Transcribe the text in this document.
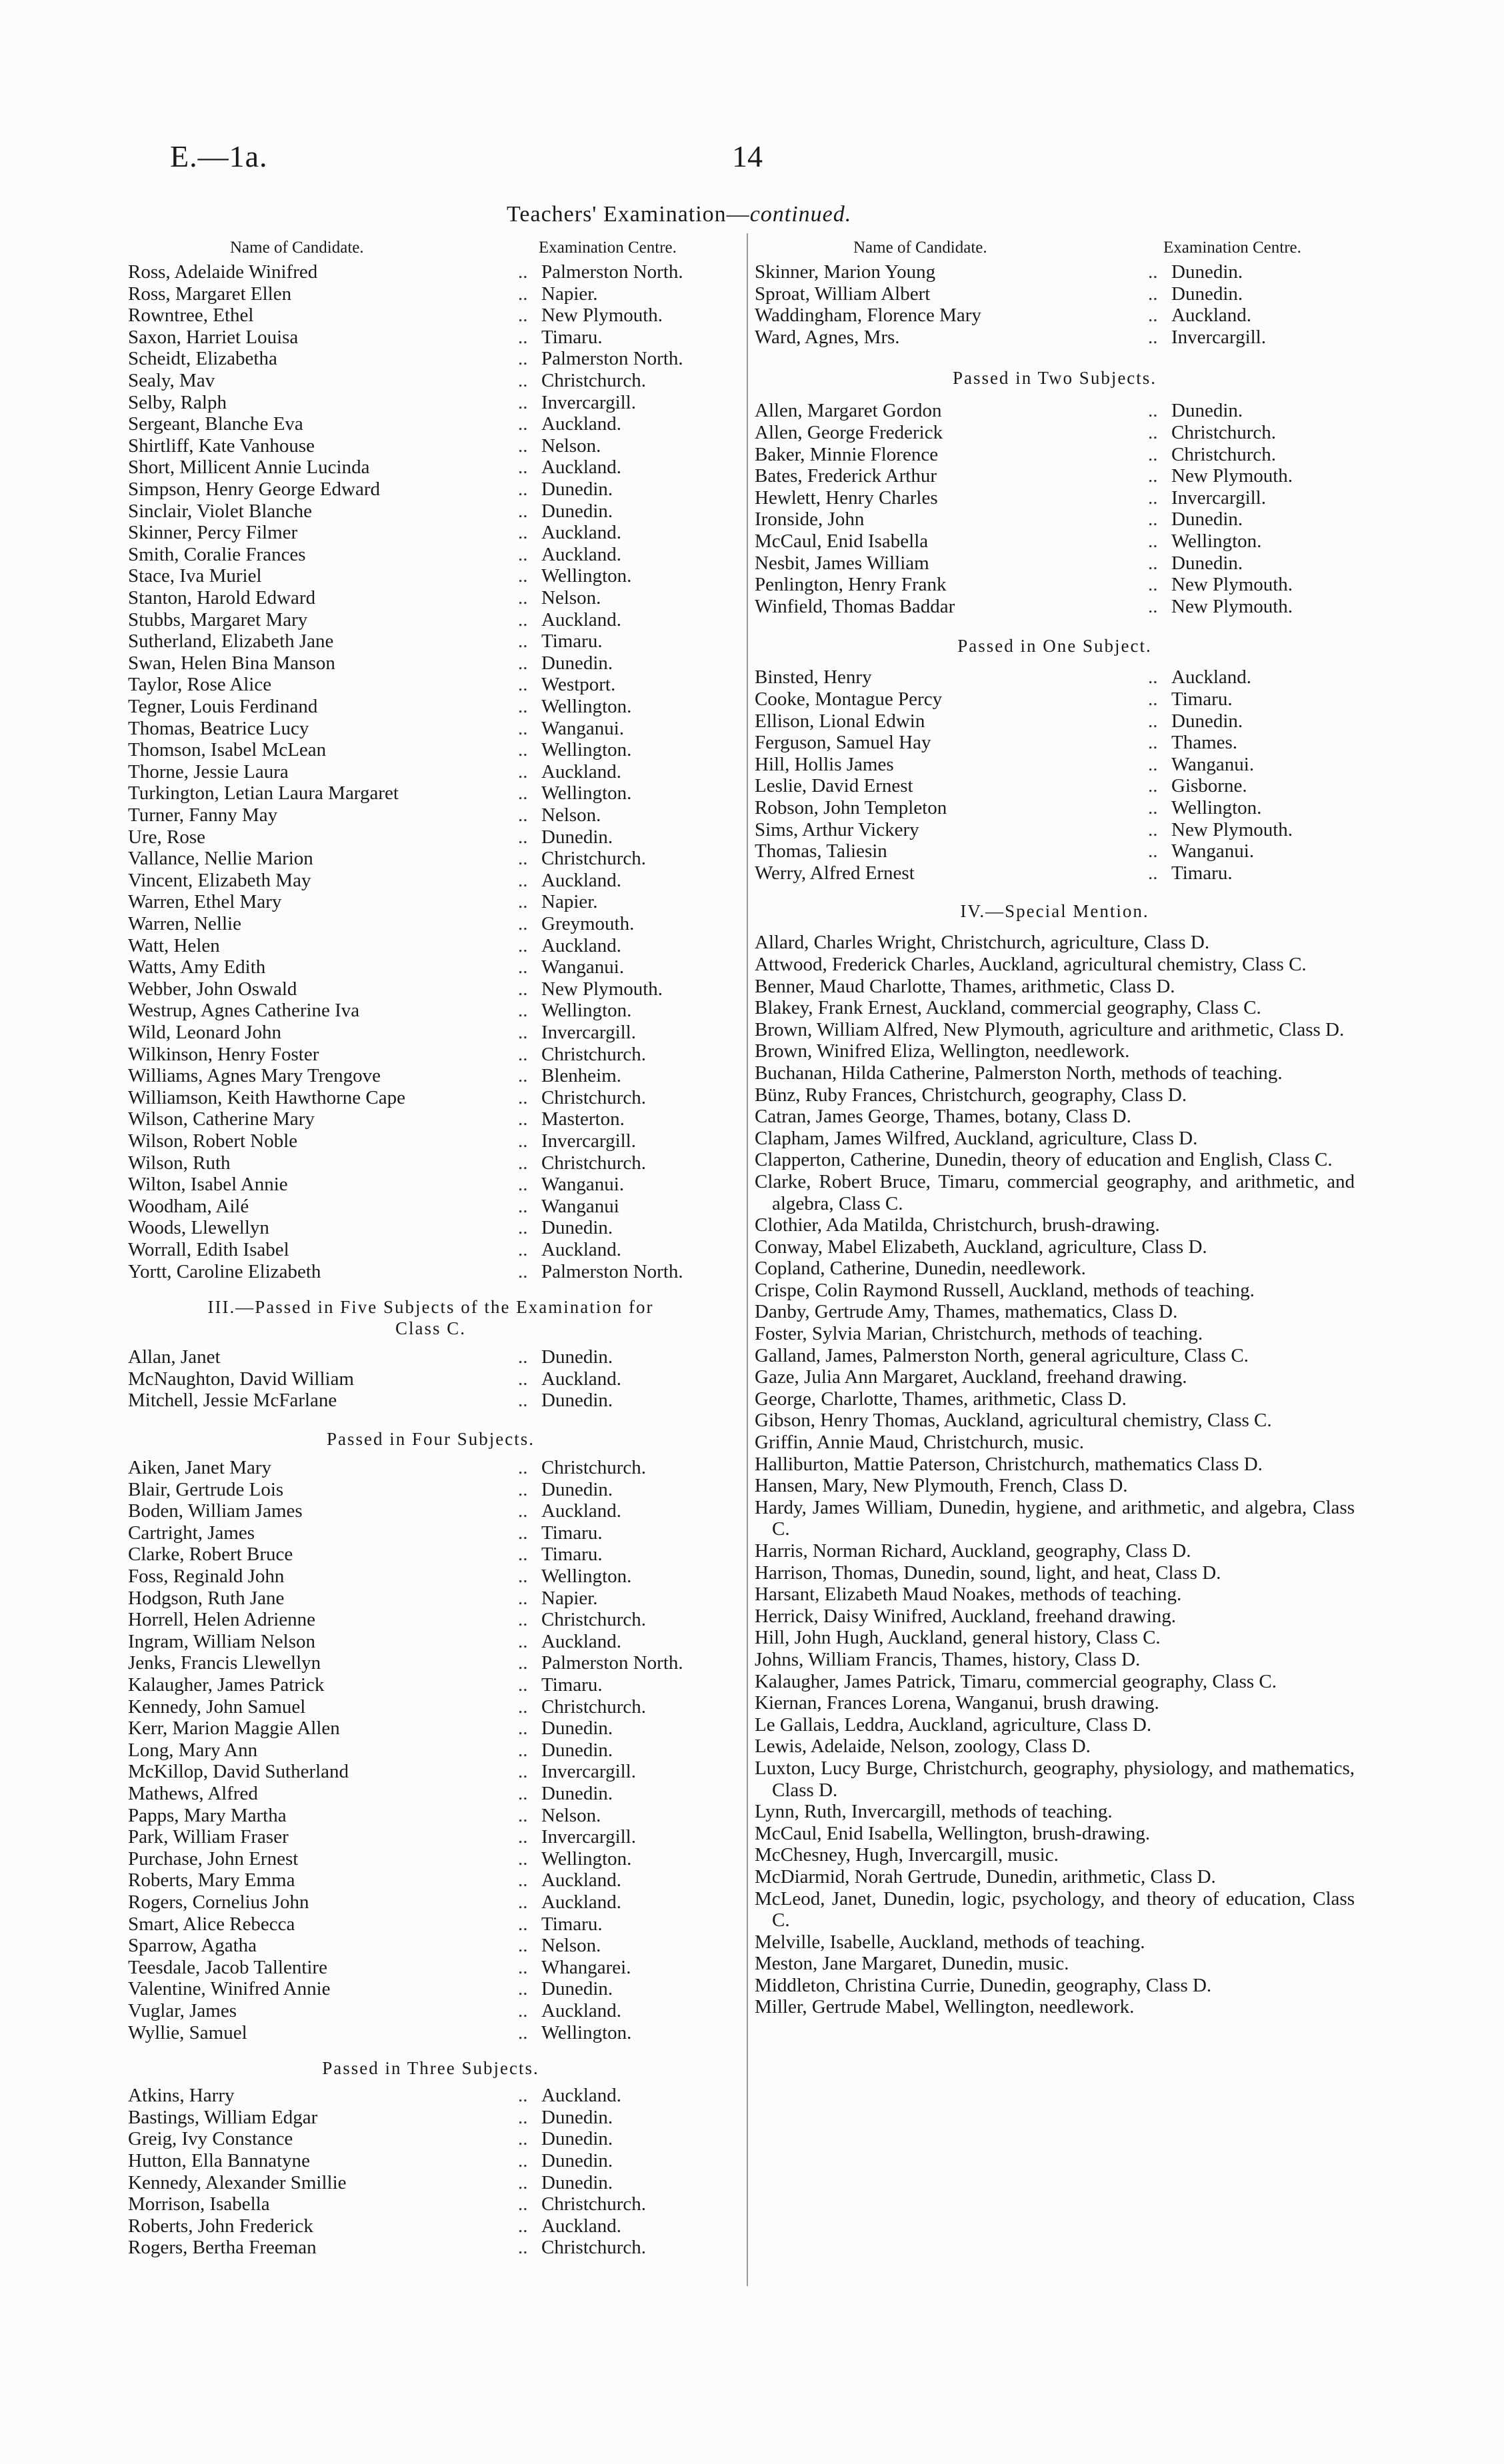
E.—1a.	14
Teachers' Examination—continued.
Name of Candidate.	Examination Centre.	Name of Candidate.	Examination Centre.
Ross, Adelaide Winifred	.. Palmerston North.
Ross, Margaret Ellen	.. Napier.
Rowntree, Ethel	.. New Plymouth.
Saxon, Harriet Louisa	.. Timaru.
Scheidt, Elizabetha	.. Palmerston North.
Sealy, Mav	.. Christchurch.
Selby, Ralph	.. Invercargill.
Sergeant, Blanche Eva	.. Auckland.
Shirtliff, Kate Vanhouse	.. Nelson.
Short, Millicent Annie Lucinda	.. Auckland.
Simpson, Henry George Edward	.. Dunedin.
Sinclair, Violet Blanche	.. Dunedin.
Skinner, Percy Filmer	.. Auckland.
Smith, Coralie Frances	.. Auckland.
Stace, Iva Muriel	.. Wellington.
Stanton, Harold Edward	.. Nelson.
Stubbs, Margaret Mary	.. Auckland.
Sutherland, Elizabeth Jane	.. Timaru.
Swan, Helen Bina Manson	.. Dunedin.
Taylor, Rose Alice	.. Westport.
Tegner, Louis Ferdinand	.. Wellington.
Thomas, Beatrice Lucy	.. Wanganui.
Thomson, Isabel McLean	.. Wellington.
Thorne, Jessie Laura	.. Auckland.
Turkington, Letian Laura Margaret	.. Wellington.
Turner, Fanny May	.. Nelson.
Ure, Rose	.. Dunedin.
Vallance, Nellie Marion	.. Christchurch.
Vincent, Elizabeth May	.. Auckland.
Warren, Ethel Mary	.. Napier.
Warren, Nellie	.. Greymouth.
Watt, Helen	.. Auckland.
Watts, Amy Edith	.. Wanganui.
Webber, John Oswald	.. New Plymouth.
Westrup, Agnes Catherine Iva	.. Wellington.
Wild, Leonard John	.. Invercargill.
Wilkinson, Henry Foster	.. Christchurch.
Williams, Agnes Mary Trengove	.. Blenheim.
Williamson, Keith Hawthorne Cape	.. Christchurch.
Wilson, Catherine Mary	.. Masterton.
Wilson, Robert Noble	.. Invercargill.
Wilson, Ruth	.. Christchurch.
Wilton, Isabel Annie	.. Wanganui.
Woodham, Ailé	.. Wanganui
Woods, Llewellyn	.. Dunedin.
Worrall, Edith Isabel	.. Auckland.
Yortt, Caroline Elizabeth	.. Palmerston North.
III.—Passed in Five Subjects of the Examination for
Class C.
Allan, Janet	.. Dunedin.
McNaughton, David William	.. Auckland.
Mitchell, Jessie McFarlane	.. Dunedin.
Passed in Four Subjects.
Aiken, Janet Mary	.. Christchurch.
Blair, Gertrude Lois	.. Dunedin.
Boden, William James	.. Auckland.
Cartright, James	.. Timaru.
Clarke, Robert Bruce	.. Timaru.
Foss, Reginald John	.. Wellington.
Hodgson, Ruth Jane	.. Napier.
Horrell, Helen Adrienne	.. Christchurch.
Ingram, William Nelson	.. Auckland.
Jenks, Francis Llewellyn	.. Palmerston North.
Kalaugher, James Patrick	.. Timaru.
Kennedy, John Samuel	.. Christchurch.
Kerr, Marion Maggie Allen	.. Dunedin.
Long, Mary Ann	.. Dunedin.
McKillop, David Sutherland	.. Invercargill.
Mathews, Alfred	.. Dunedin.
Papps, Mary Martha	.. Nelson.
Park, William Fraser	.. Invercargill.
Purchase, John Ernest	.. Wellington.
Roberts, Mary Emma	.. Auckland.
Rogers, Cornelius John	.. Auckland.
Smart, Alice Rebecca	.. Timaru.
Sparrow, Agatha	.. Nelson.
Teesdale, Jacob Tallentire	.. Whangarei.
Valentine, Winifred Annie	.. Dunedin.
Vuglar, James	.. Auckland.
Wyllie, Samuel	.. Wellington.
Passed in Three Subjects.
Atkins, Harry	.. Auckland.
Bastings, William Edgar	.. Dunedin.
Greig, Ivy Constance	.. Dunedin.
Hutton, Ella Bannatyne	.. Dunedin.
Kennedy, Alexander Smillie	.. Dunedin.
Morrison, Isabella	.. Christchurch.
Roberts, John Frederick	.. Auckland.
Rogers, Bertha Freeman	.. Christchurch.
Skinner, Marion Young	.. Dunedin.
Sproat, William Albert	.. Dunedin.
Waddingham, Florence Mary	.. Auckland.
Ward, Agnes, Mrs.	.. Invercargill.
Passed in Two Subjects.
Allen, Margaret Gordon	.. Dunedin.
Allen, George Frederick	.. Christchurch.
Baker, Minnie Florence	.. Christchurch.
Bates, Frederick Arthur	.. New Plymouth.
Hewlett, Henry Charles	.. Invercargill.
Ironside, John	.. Dunedin.
McCaul, Enid Isabella	.. Wellington.
Nesbit, James William	.. Dunedin.
Penlington, Henry Frank	.. New Plymouth.
Winfield, Thomas Baddar	.. New Plymouth.
Passed in One Subject.
Binsted, Henry	.. Auckland.
Cooke, Montague Percy	.. Timaru.
Ellison, Lional Edwin	.. Dunedin.
Ferguson, Samuel Hay	.. Thames.
Hill, Hollis James	.. Wanganui.
Leslie, David Ernest	.. Gisborne.
Robson, John Templeton	.. Wellington.
Sims, Arthur Vickery	.. New Plymouth.
Thomas, Taliesin	.. Wanganui.
Werry, Alfred Ernest	.. Timaru.
IV.—Special Mention.

Allard, Charles Wright, Christchurch, agriculture, Class D.

Attwood, Frederick Charles, Auckland, agricultural chemistry, Class C.

Benner, Maud Charlotte, Thames, arithmetic, Class D.

Blakey, Frank Ernest, Auckland, commercial geography, Class C.

Brown, William Alfred, New Plymouth, agriculture and arithmetic, Class D.

Brown, Winifred Eliza, Wellington, needlework.

Buchanan, Hilda Catherine, Palmerston North, methods of teaching.

Bünz, Ruby Frances, Christchurch, geography, Class D.

Catran, James George, Thames, botany, Class D.

Clapham, James Wilfred, Auckland, agriculture, Class D.

Clapperton, Catherine, Dunedin, theory of education and English, Class C.

Clarke, Robert Bruce, Timaru, commercial geography, and arithmetic, and algebra, Class C.

Clothier, Ada Matilda, Christchurch, brush-drawing.

Conway, Mabel Elizabeth, Auckland, agriculture, Class D.

Copland, Catherine, Dunedin, needlework.

Crispe, Colin Raymond Russell, Auckland, methods of teaching.

Danby, Gertrude Amy, Thames, mathematics, Class D.

Foster, Sylvia Marian, Christchurch, methods of teaching.

Galland, James, Palmerston North, general agriculture, Class C.

Gaze, Julia Ann Margaret, Auckland, freehand drawing.

George, Charlotte, Thames, arithmetic, Class D.

Gibson, Henry Thomas, Auckland, agricultural chemistry, Class C.

Griffin, Annie Maud, Christchurch, music.

Halliburton, Mattie Paterson, Christchurch, mathematics Class D.

Hansen, Mary, New Plymouth, French, Class D.

Hardy, James William, Dunedin, hygiene, and arithmetic, and algebra, Class C.

Harris, Norman Richard, Auckland, geography, Class D.

Harrison, Thomas, Dunedin, sound, light, and heat, Class D.

Harsant, Elizabeth Maud Noakes, methods of teaching.

Herrick, Daisy Winifred, Auckland, freehand drawing.

Hill, John Hugh, Auckland, general history, Class C.

Johns, William Francis, Thames, history, Class D.

Kalaugher, James Patrick, Timaru, commercial geography, Class C.

Kiernan, Frances Lorena, Wanganui, brush drawing.

Le Gallais, Leddra, Auckland, agriculture, Class D.

Lewis, Adelaide, Nelson, zoology, Class D.

Luxton, Lucy Burge, Christchurch, geography, physiology, and mathematics, Class D.

Lynn, Ruth, Invercargill, methods of teaching.

McCaul, Enid Isabella, Wellington, brush-drawing.

McChesney, Hugh, Invercargill, music.

McDiarmid, Norah Gertrude, Dunedin, arithmetic, Class D.

McLeod, Janet, Dunedin, logic, psychology, and theory of education, Class C.

Melville, Isabelle, Auckland, methods of teaching.

Meston, Jane Margaret, Dunedin, music.

Middleton, Christina Currie, Dunedin, geography, Class D.

Miller, Gertrude Mabel, Wellington, needlework.
